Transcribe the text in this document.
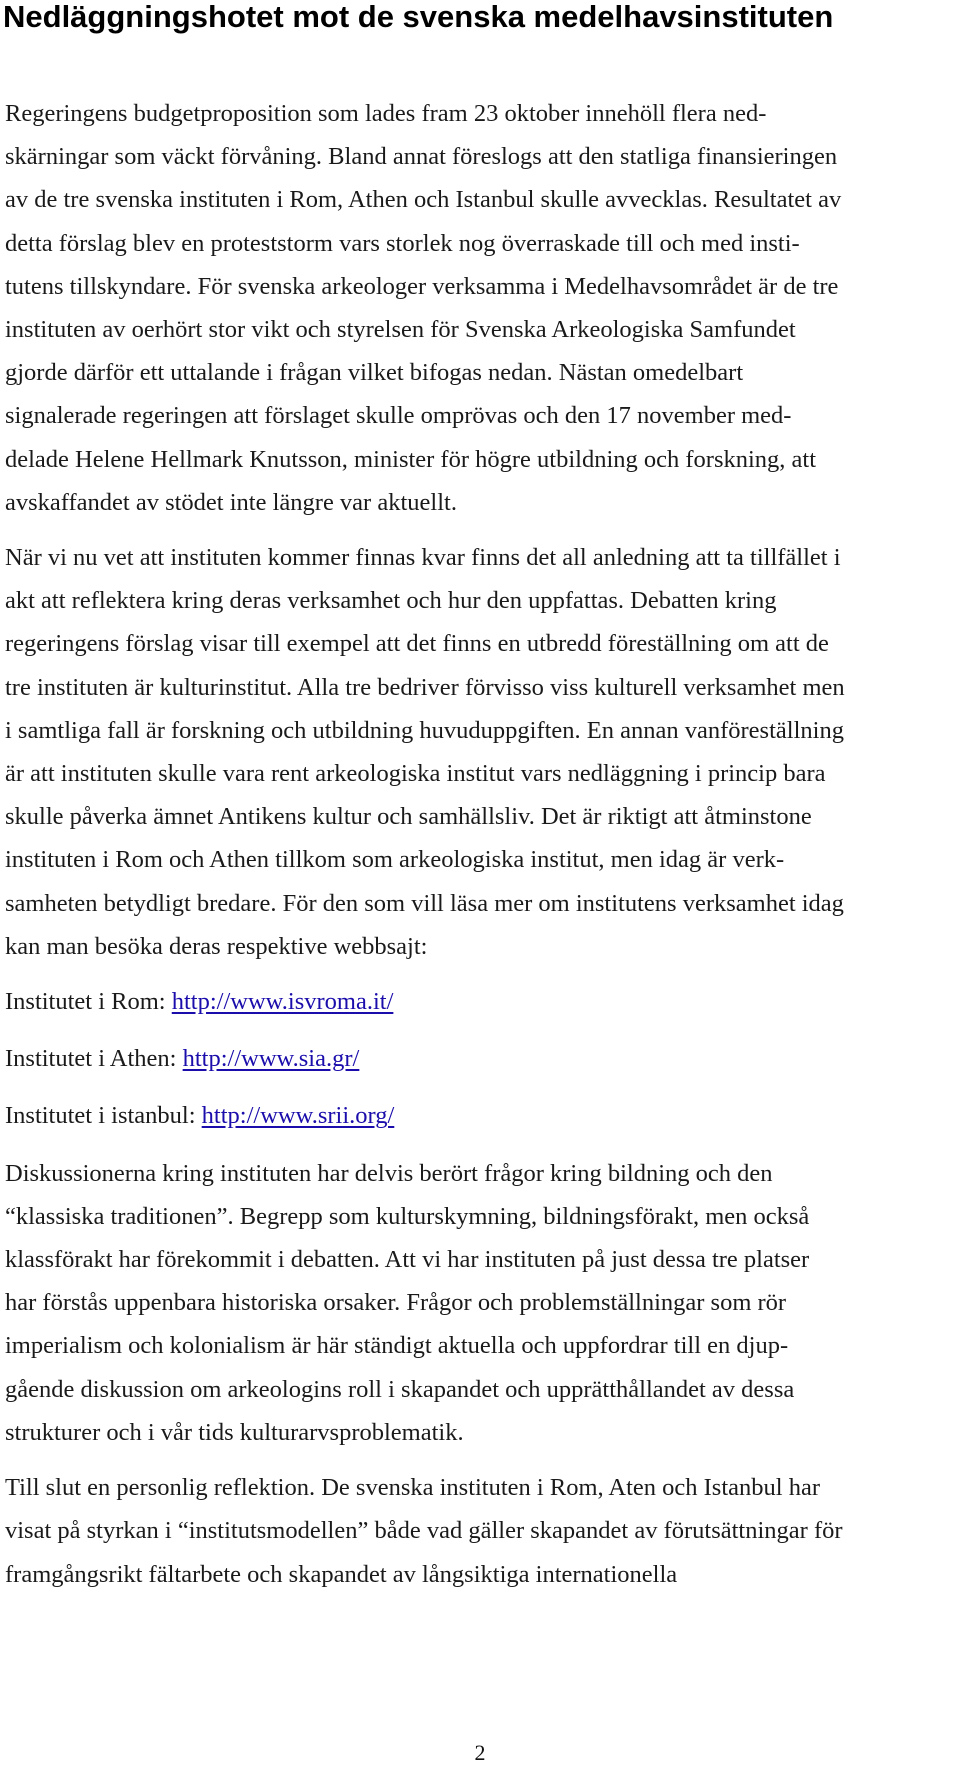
Nedläggningshotet mot de svenska medelhavsinstituten

Regeringens budgetproposition som lades fram 23 oktober innehöll flera ned-
skärningar som väckt förvåning. Bland annat föreslogs att den statliga finansieringen
av de tre svenska instituten i Rom, Athen och Istanbul skulle avvecklas. Resultatet av
detta förslag blev en proteststorm vars storlek nog överraskade till och med insti-
tutens tillskyndare. För svenska arkeologer verksamma i Medelhavsområdet är de tre
instituten av oerhört stor vikt och styrelsen för Svenska Arkeologiska Samfundet
gjorde därför ett uttalande i frågan vilket bifogas nedan. Nästan omedelbart
signalerade regeringen att förslaget skulle omprövas och den 17 november med-
delade Helene Hellmark Knutsson, minister för högre utbildning och forskning, att
avskaffandet av stödet inte längre var aktuellt.

När vi nu vet att instituten kommer finnas kvar finns det all anledning att ta tillfället i
akt att reflektera kring deras verksamhet och hur den uppfattas. Debatten kring
regeringens förslag visar till exempel att det finns en utbredd föreställning om att de
tre instituten är kulturinstitut. Alla tre bedriver förvisso viss kulturell verksamhet men
i samtliga fall är forskning och utbildning huvuduppgiften. En annan vanföreställning
är att instituten skulle vara rent arkeologiska institut vars nedläggning i princip bara
skulle påverka ämnet Antikens kultur och samhällsliv. Det är riktigt att åtminstone
instituten i Rom och Athen tillkom som arkeologiska institut, men idag är verk-
samheten betydligt bredare. För den som vill läsa mer om institutens verksamhet idag
kan man besöka deras respektive webbsajt:

Institutet i Rom: http://www.isvroma.it/

Institutet i Athen: http://www.sia.gr/

Institutet i istanbul: http://www.srii.org/

Diskussionerna kring instituten har delvis berört frågor kring bildning och den
“klassiska traditionen”. Begrepp som kulturskymning, bildningsförakt, men också
klassförakt har förekommit i debatten. Att vi har instituten på just dessa tre platser
har förstås uppenbara historiska orsaker. Frågor och problemställningar som rör
imperialism och kolonialism är här ständigt aktuella och uppfordrar till en djup-
gående diskussion om arkeologins roll i skapandet och upprätthållandet av dessa
strukturer och i vår tids kulturarvsproblematik.

Till slut en personlig reflektion. De svenska instituten i Rom, Aten och Istanbul har
visat på styrkan i “institutsmodellen” både vad gäller skapandet av förutsättningar för
framgångsrikt fältarbete och skapandet av långsiktiga internationella

2
